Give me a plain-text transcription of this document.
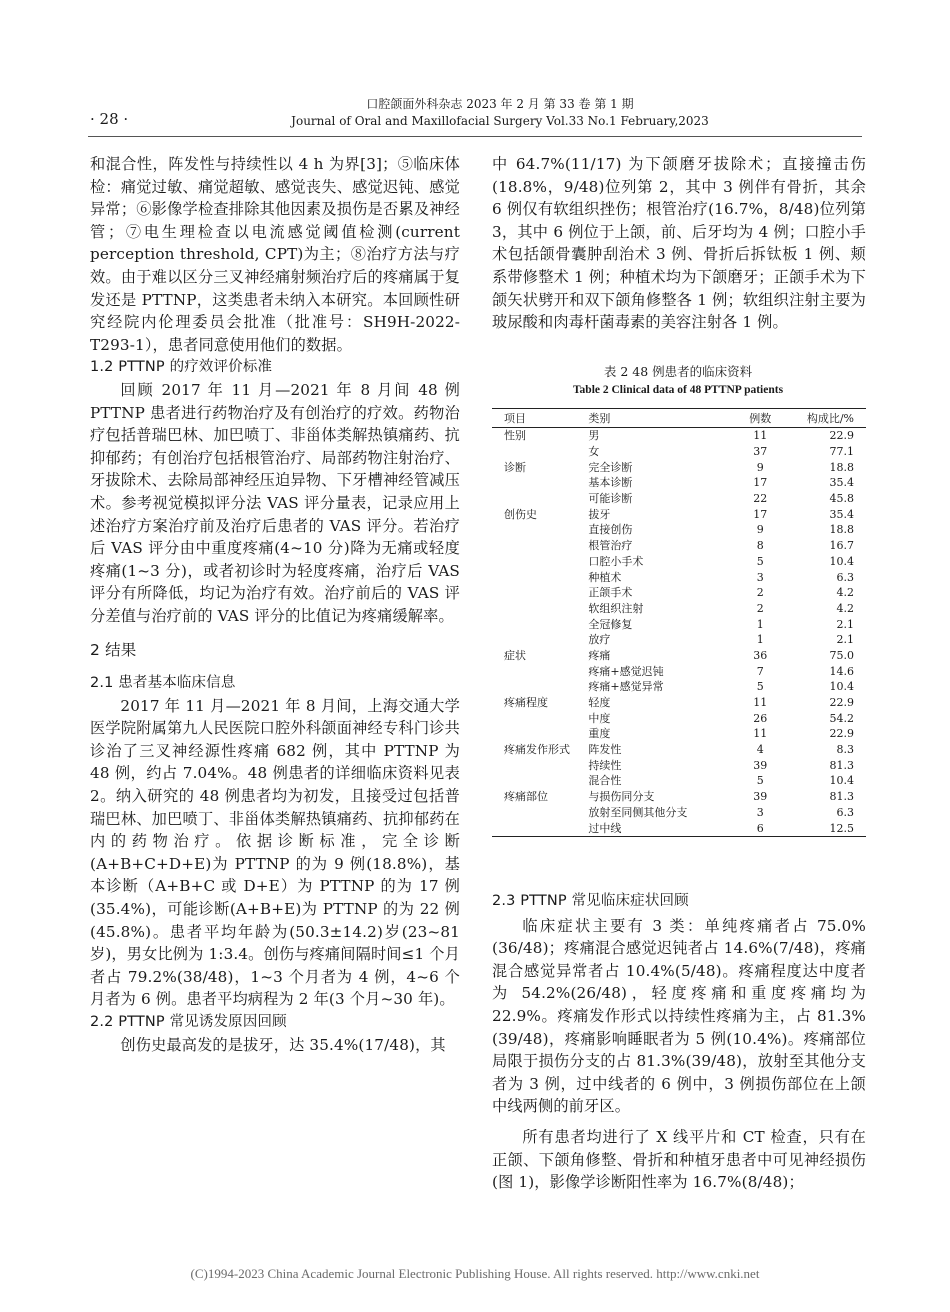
· 28 ·
口腔颌面外科杂志 2023 年 2 月 第 33 卷 第 1 期
Journal of Oral and Maxillofacial Surgery Vol.33 No.1 February,2023

和混合性，阵发性与持续性以 4 h 为界[3]；⑤临床体检：痛觉过敏、痛觉超敏、感觉丧失、感觉迟钝、感觉异常；⑥影像学检查排除其他因素及损伤是否累及神经管；⑦电生理检查以电流感觉阈值检测(current perception threshold, CPT)为主；⑧治疗方法与疗效。由于难以区分三叉神经痛射频治疗后的疼痛属于复发还是 PTTNP，这类患者未纳入本研究。本回顾性研究经院内伦理委员会批准（批准号：SH9H-2022-T293-1），患者同意使用他们的数据。

1.2 PTTNP 的疗效评价标准

回顾 2017 年 11 月—2021 年 8 月间 48 例 PTTNP 患者进行药物治疗及有创治疗的疗效。药物治疗包括普瑞巴林、加巴喷丁、非甾体类解热镇痛药、抗抑郁药；有创治疗包括根管治疗、局部药物注射治疗、牙拔除术、去除局部神经压迫异物、下牙槽神经管减压术。参考视觉模拟评分法 VAS 评分量表，记录应用上述治疗方案治疗前及治疗后患者的 VAS 评分。若治疗后 VAS 评分由中重度疼痛(4~10 分)降为无痛或轻度疼痛(1~3 分)，或者初诊时为轻度疼痛，治疗后 VAS 评分有所降低，均记为治疗有效。治疗前后的 VAS 评分差值与治疗前的 VAS 评分的比值记为疼痛缓解率。

2 结果
2.1 患者基本临床信息

2017 年 11 月—2021 年 8 月间，上海交通大学医学院附属第九人民医院口腔外科颌面神经专科门诊共诊治了三叉神经源性疼痛 682 例，其中 PTTNP 为 48 例，约占 7.04%。48 例患者的详细临床资料见表 2。纳入研究的 48 例患者均为初发，且接受过包括普瑞巴林、加巴喷丁、非甾体类解热镇痛药、抗抑郁药在内的药物治疗。依据诊断标准，完全诊断(A+B+C+D+E)为 PTTNP 的为 9 例(18.8%)，基本诊断（A+B+C 或 D+E）为 PTTNP 的为 17 例(35.4%)，可能诊断(A+B+E)为 PTTNP 的为 22 例(45.8%)。患者平均年龄为(50.3±14.2)岁(23~81 岁)，男女比例为 1:3.4。创伤与疼痛间隔时间≤1 个月者占 79.2%(38/48)，1~3 个月者为 4 例，4~6 个月者为 6 例。患者平均病程为 2 年(3 个月~30 年)。

2.2 PTTNP 常见诱发原因回顾

创伤史最高发的是拔牙，达 35.4%(17/48)，其

中 64.7%(11/17) 为下颌磨牙拔除术；直接撞击伤(18.8%，9/48)位列第 2，其中 3 例伴有骨折，其余 6 例仅有软组织挫伤；根管治疗(16.7%，8/48)位列第 3，其中 6 例位于上颌，前、后牙均为 4 例；口腔小手术包括颌骨囊肿刮治术 3 例、骨折后拆钛板 1 例、颊系带修整术 1 例；种植术均为下颌磨牙；正颌手术为下颌矢状劈开和双下颌角修整各 1 例；软组织注射主要为玻尿酸和肉毒杆菌毒素的美容注射各 1 例。

表 2 48 例患者的临床资料
Table 2 Clinical data of 48 PTTNP patients
项目	类别	例数	构成比/%
性别	男	11	22.9
	女	37	77.1
诊断	完全诊断	9	18.8
	基本诊断	17	35.4
	可能诊断	22	45.8
创伤史	拔牙	17	35.4
	直接创伤	9	18.8
	根管治疗	8	16.7
	口腔小手术	5	10.4
	种植术	3	6.3
	正颌手术	2	4.2
	软组织注射	2	4.2
	全冠修复	1	2.1
	放疗	1	2.1
症状	疼痛	36	75.0
	疼痛+感觉迟钝	7	14.6
	疼痛+感觉异常	5	10.4
疼痛程度	轻度	11	22.9
	中度	26	54.2
	重度	11	22.9
疼痛发作形式	阵发性	4	8.3
	持续性	39	81.3
	混合性	5	10.4
疼痛部位	与损伤同分支	39	81.3
	放射至同侧其他分支	3	6.3
	过中线	6	12.5
2.3 PTTNP 常见临床症状回顾

临床症状主要有 3 类：单纯疼痛者占 75.0%(36/48)；疼痛混合感觉迟钝者占 14.6%(7/48)，疼痛混合感觉异常者占 10.4%(5/48)。疼痛程度达中度者为 54.2%(26/48)，轻度疼痛和重度疼痛均为 22.9%。疼痛发作形式以持续性疼痛为主，占 81.3%(39/48)，疼痛影响睡眠者为 5 例(10.4%)。疼痛部位局限于损伤分支的占 81.3%(39/48)，放射至其他分支者为 3 例，过中线者的 6 例中，3 例损伤部位在上颌中线两侧的前牙区。

所有患者均进行了 X 线平片和 CT 检查，只有在正颌、下颌角修整、骨折和种植牙患者中可见神经损伤(图 1)，影像学诊断阳性率为 16.7%(8/48)；

(C)1994-2023 China Academic Journal Electronic Publishing House. All rights reserved. http://www.cnki.net
